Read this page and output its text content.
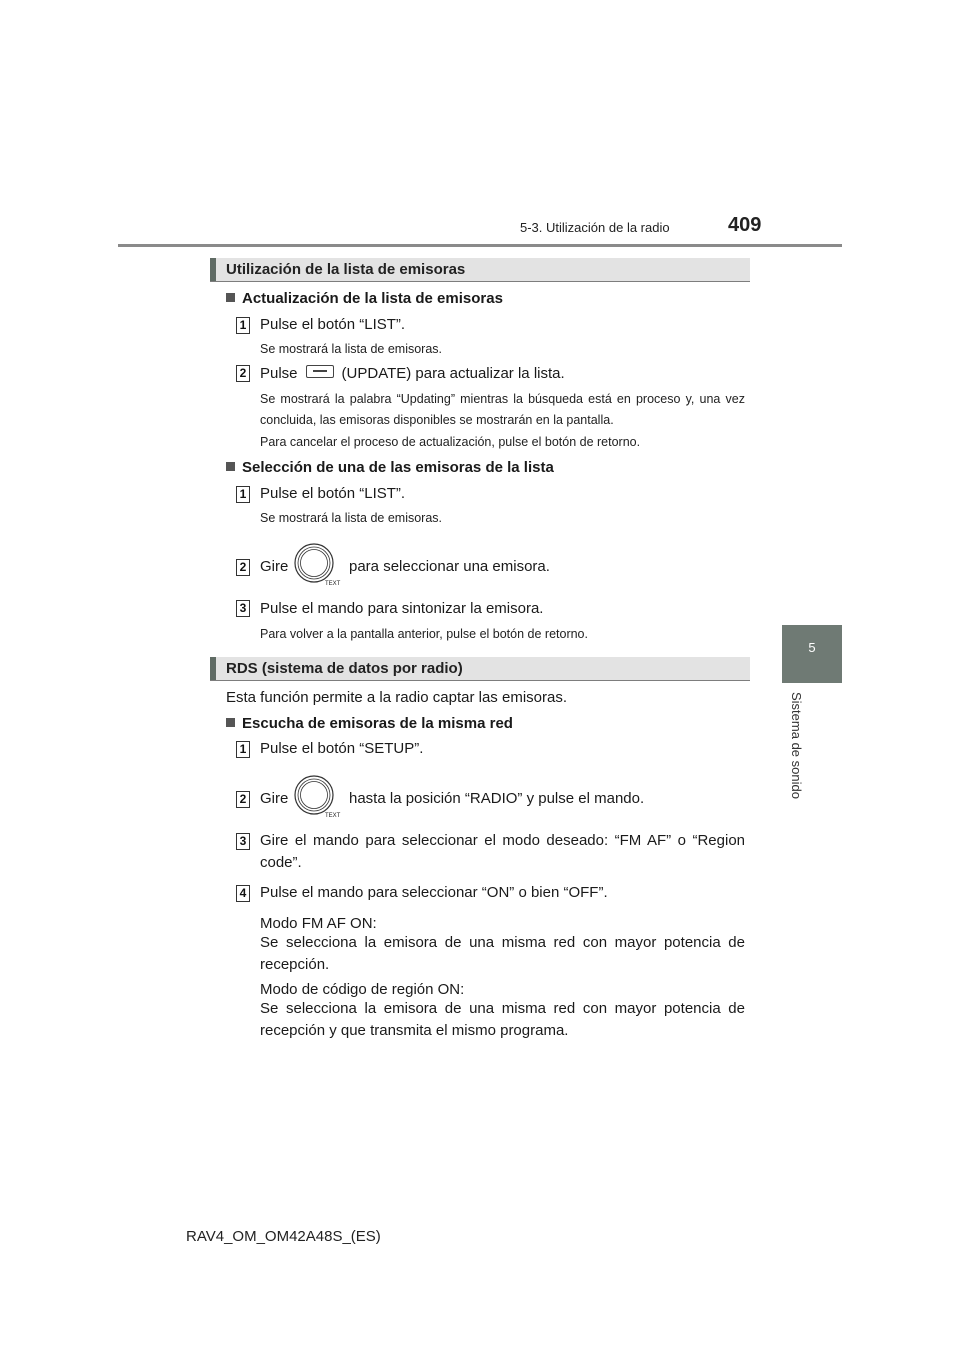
5-3. Utilización de la radio	409
5
Sistema de sonido
Utilización de la lista de emisoras
Actualización de la lista de emisoras
1 Pulse el botón “LIST”.
Se mostrará la lista de emisoras.
2 Pulse	(UPDATE) para actualizar la lista.
Se mostrará la palabra “Updating” mientras la búsqueda está en proceso y, una vez concluida, las emisoras disponibles se mostrarán en la pantalla.
Para cancelar el proceso de actualización, pulse el botón de retorno.
Selección de una de las emisoras de la lista
1 Pulse el botón “LIST”.
Se mostrará la lista de emisoras.
2 Gire
TEXT
para seleccionar una emisora.
3 Pulse el mando para sintonizar la emisora.
Para volver a la pantalla anterior, pulse el botón de retorno.
RDS (sistema de datos por radio)
Esta función permite a la radio captar las emisoras.
Escucha de emisoras de la misma red
1 Pulse el botón “SETUP”.
2 Gire
TEXT
hasta la posición “RADIO” y pulse el mando.
3 Gire el mando para seleccionar el modo deseado: “FM AF” o “Region code”.
4 Pulse el mando para seleccionar “ON” o bien “OFF”.
Modo FM AF ON:
Se selecciona la emisora de una misma red con mayor potencia de recepción.
Modo de código de región ON:
Se selecciona la emisora de una misma red con mayor potencia de recepción y que transmita el mismo programa.
RAV4_OM_OM42A48S_(ES)
